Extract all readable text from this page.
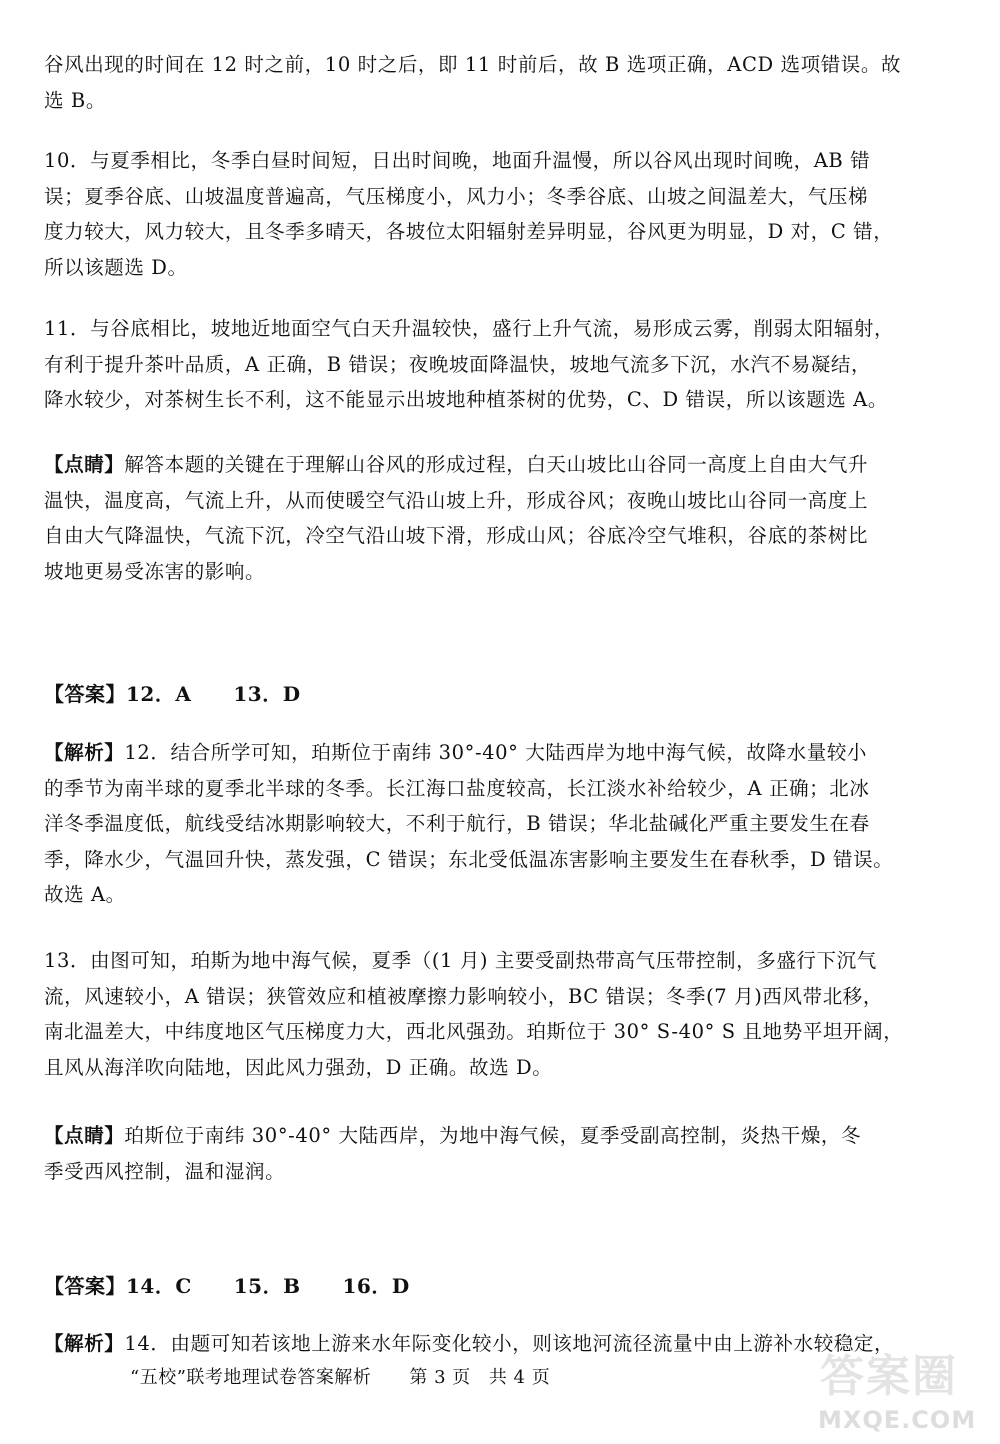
谷风出现的时间在 12 时之前，10 时之后，即 11 时前后，故 B 选项正确，ACD 选项错误。故
选 B。
10．与夏季相比，冬季白昼时间短，日出时间晚，地面升温慢，所以谷风出现时间晚，AB 错
误；夏季谷底、山坡温度普遍高，气压梯度小，风力小；冬季谷底、山坡之间温差大，气压梯
度力较大，风力较大，且冬季多晴天，各坡位太阳辐射差异明显，谷风更为明显，D 对，C 错，
所以该题选 D。
11．与谷底相比，坡地近地面空气白天升温较快，盛行上升气流，易形成云雾，削弱太阳辐射，
有利于提升茶叶品质，A 正确，B 错误；夜晚坡面降温快，坡地气流多下沉，水汽不易凝结，
降水较少，对茶树生长不利，这不能显示出坡地种植茶树的优势，C、D 错误，所以该题选 A。
【点睛】解答本题的关键在于理解山谷风的形成过程，白天山坡比山谷同一高度上自由大气升
温快，温度高，气流上升，从而使暖空气沿山坡上升，形成谷风；夜晚山坡比山谷同一高度上
自由大气降温快，气流下沉，冷空气沿山坡下滑，形成山风；谷底冷空气堆积，谷底的茶树比
坡地更易受冻害的影响。
【答案】12．A 13．D
【解析】12．结合所学可知，珀斯位于南纬 30°-40° 大陆西岸为地中海气候，故降水量较小
的季节为南半球的夏季北半球的冬季。长江海口盐度较高，长江淡水补给较少，A 正确；北冰
洋冬季温度低，航线受结冰期影响较大，不利于航行，B 错误；华北盐碱化严重主要发生在春
季，降水少，气温回升快，蒸发强，C 错误；东北受低温冻害影响主要发生在春秋季，D 错误。
故选 A。
13．由图可知，珀斯为地中海气候，夏季（(1 月) 主要受副热带高气压带控制，多盛行下沉气
流，风速较小，A 错误；狭管效应和植被摩擦力影响较小，BC 错误；冬季(7 月)西风带北移，
南北温差大，中纬度地区气压梯度力大，西北风强劲。珀斯位于 30° S-40° S 且地势平坦开阔，
且风从海洋吹向陆地，因此风力强劲，D 正确。故选 D。
【点睛】珀斯位于南纬 30°-40° 大陆西岸，为地中海气候，夏季受副高控制，炎热干燥，冬
季受西风控制，温和湿润。
【答案】14．C 15．B 16．D
【解析】14．由题可知若该地上游来水年际变化较小，则该地河流径流量中由上游补水较稳定，
“五校”联考地理试卷答案解析 第 3 页 共 4 页	答案圈
MXQE.COM
